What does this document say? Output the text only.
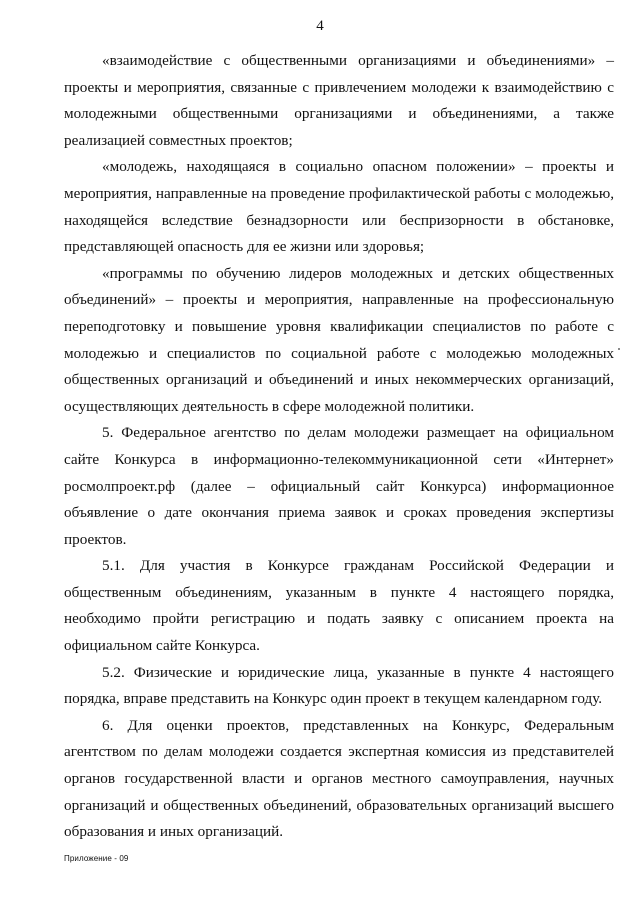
4

«взаимодействие с общественными организациями и объединениями» – проекты и мероприятия, связанные с привлечением молодежи к взаимодействию с молодежными общественными организациями и объединениями, а также реализацией совместных проектов;

«молодежь, находящаяся в социально опасном положении» – проекты и мероприятия, направленные на проведение профилактической работы с молодежью, находящейся вследствие безнадзорности или беспризорности в обстановке, представляющей опасность для ее жизни или здоровья;

«программы по обучению лидеров молодежных и детских общественных объединений» – проекты и мероприятия, направленные на профессиональную переподготовку и повышение уровня квалификации специалистов по работе с молодежью и специалистов по социальной работе с молодежью молодежных общественных организаций и объединений и иных некоммерческих организаций, осуществляющих деятельность в сфере молодежной политики.

5. Федеральное агентство по делам молодежи размещает на официальном сайте Конкурса в информационно-телекоммуникационной сети «Интернет» росмолпроект.рф (далее – официальный сайт Конкурса) информационное объявление о дате окончания приема заявок и сроках проведения экспертизы проектов.

5.1. Для участия в Конкурсе гражданам Российской Федерации и общественным объединениям, указанным в пункте 4 настоящего порядка, необходимо пройти регистрацию и подать заявку с описанием проекта на официальном сайте Конкурса.

5.2. Физические и юридические лица, указанные в пункте 4 настоящего порядка, вправе представить на Конкурс один проект в текущем календарном году.

6. Для оценки проектов, представленных на Конкурс, Федеральным агентством по делам молодежи создается экспертная комиссия из представителей органов государственной власти и органов местного самоуправления, научных организаций и общественных объединений, образовательных организаций высшего образования и иных организаций.

Приложение - 09
